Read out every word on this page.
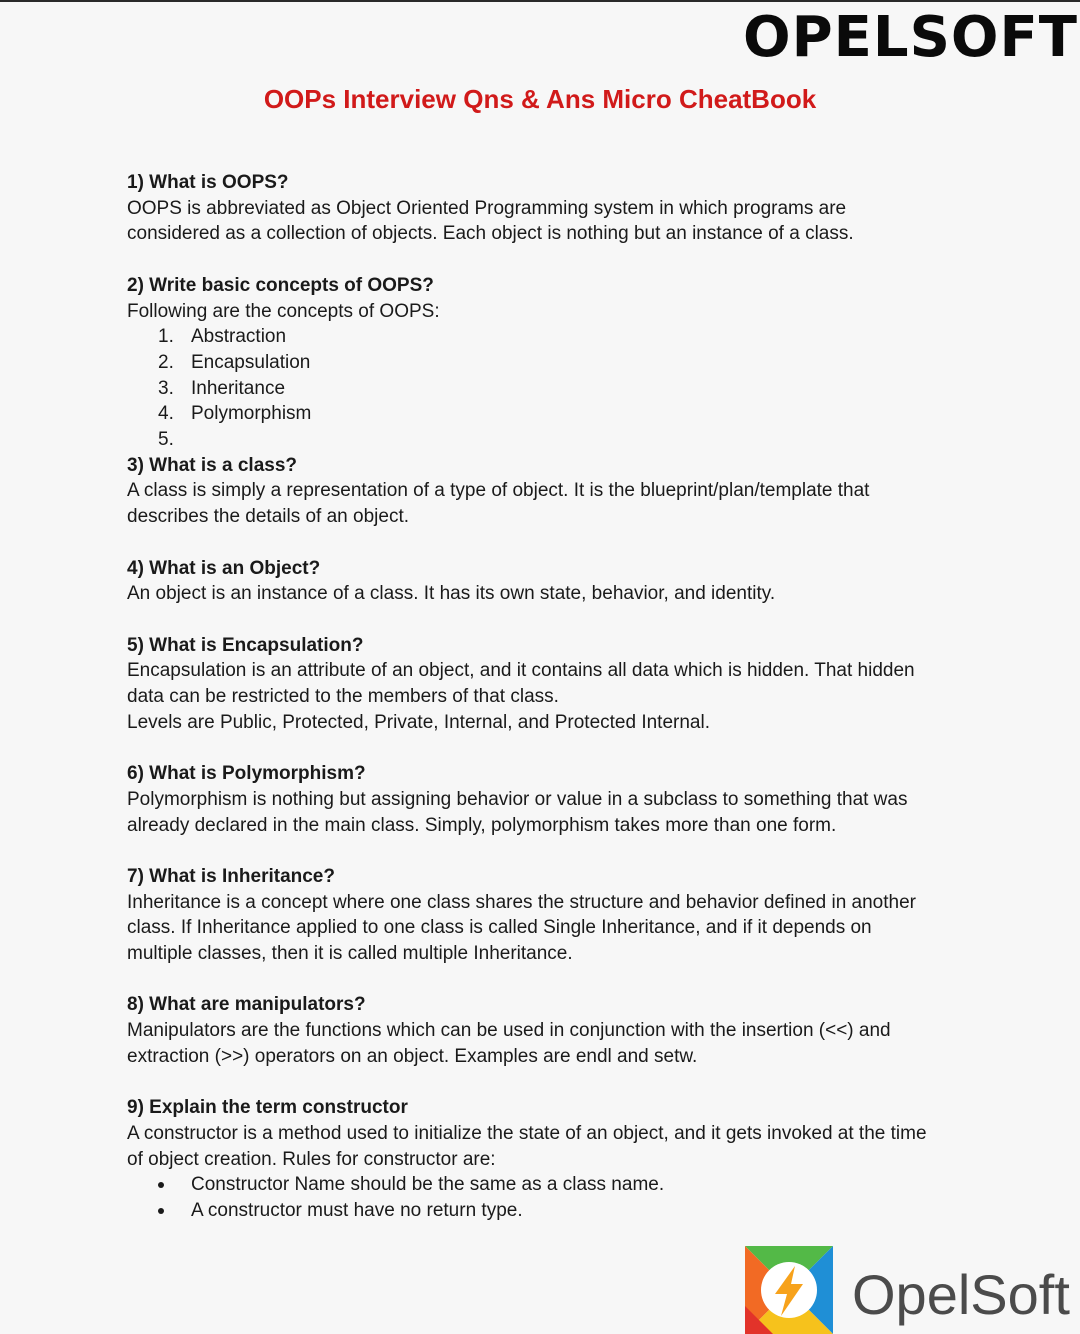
OPELSOFT
OOPs Interview Qns & Ans Micro CheatBook

1) What is OOPS?

OOPS is abbreviated as Object Oriented Programming system in which programs are

considered as a collection of objects. Each object is nothing but an instance of a class.

2) Write basic concepts of OOPS?

Following are the concepts of OOPS:

1. Abstraction
2. Encapsulation
3. Inheritance
4. Polymorphism
5.

3) What is a class?

A class is simply a representation of a type of object. It is the blueprint/plan/template that

describes the details of an object.

4) What is an Object?

An object is an instance of a class. It has its own state, behavior, and identity.

5) What is Encapsulation?

Encapsulation is an attribute of an object, and it contains all data which is hidden. That hidden

data can be restricted to the members of that class.

Levels are Public, Protected, Private, Internal, and Protected Internal.

6) What is Polymorphism?

Polymorphism is nothing but assigning behavior or value in a subclass to something that was

already declared in the main class. Simply, polymorphism takes more than one form.

7) What is Inheritance?

Inheritance is a concept where one class shares the structure and behavior defined in another

class. If Inheritance applied to one class is called Single Inheritance, and if it depends on

multiple classes, then it is called multiple Inheritance.

8) What are manipulators?

Manipulators are the functions which can be used in conjunction with the insertion (<<) and

extraction (>>) operators on an object. Examples are endl and setw.

9) Explain the term constructor

A constructor is a method used to initialize the state of an object, and it gets invoked at the time

of object creation. Rules for constructor are:

Constructor Name should be the same as a class name.
A constructor must have no return type.
OpelSoft
